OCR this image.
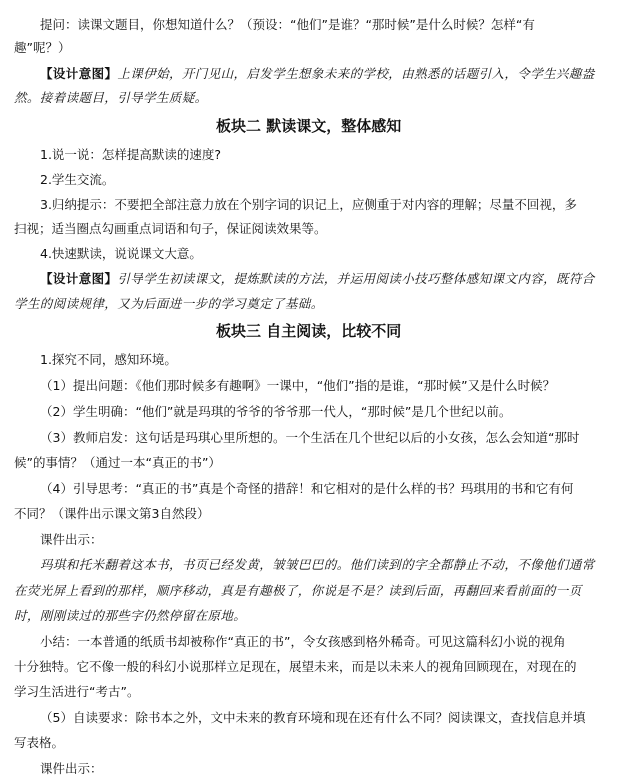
提问：读课文题目，你想知道什么？（预设：“他们”是谁？“那时候”是什么时候？怎样“有
趣”呢？）
【设计意图】上课伊始，开门见山，启发学生想象未来的学校，由熟悉的话题引入，令学生兴趣盎
然。接着读题目，引导学生质疑。
板块二 默读课文，整体感知
1.说一说：怎样提高默读的速度?
2.学生交流。
3.归纳提示：不要把全部注意力放在个别字词的识记上，应侧重于对内容的理解；尽量不回视，多
扫视；适当圈点勾画重点词语和句子，保证阅读效果等。
4.快速默读，说说课文大意。
【设计意图】引导学生初读课文，提炼默读的方法，并运用阅读小技巧整体感知课文内容，既符合
学生的阅读规律，又为后面进一步的学习奠定了基础。
板块三 自主阅读，比较不同
1.探究不同，感知环境。
（1）提出问题：《他们那时候多有趣啊》一课中，“他们”指的是谁，“那时候”又是什么时候？
（2）学生明确：“他们”就是玛琪的爷爷的爷爷那一代人，“那时候”是几个世纪以前。
（3）教师启发：这句话是玛琪心里所想的。一个生活在几个世纪以后的小女孩，怎么会知道“那时
候”的事情？（通过一本“真正的书”）
（4）引导思考：“真正的书”真是个奇怪的措辞！和它相对的是什么样的书？玛琪用的书和它有何
不同？（课件出示课文第3自然段）
课件出示：
玛琪和托米翻着这本书，书页已经发黄，皱皱巴巴的。他们读到的字全都静止不动，不像他们通常
在荧光屏上看到的那样，顺序移动，真是有趣极了，你说是不是？读到后面，再翻回来看前面的一页
时，刚刚读过的那些字仍然停留在原地。
小结：一本普通的纸质书却被称作“真正的书”，令女孩感到格外稀奇。可见这篇科幻小说的视角
十分独特。它不像一般的科幻小说那样立足现在，展望未来，而是以未来人的视角回顾现在，对现在的
学习生活进行“考古”。
（5）自读要求：除书本之外，文中未来的教育环境和现在还有什么不同？阅读课文，查找信息并填
写表格。
课件出示：
